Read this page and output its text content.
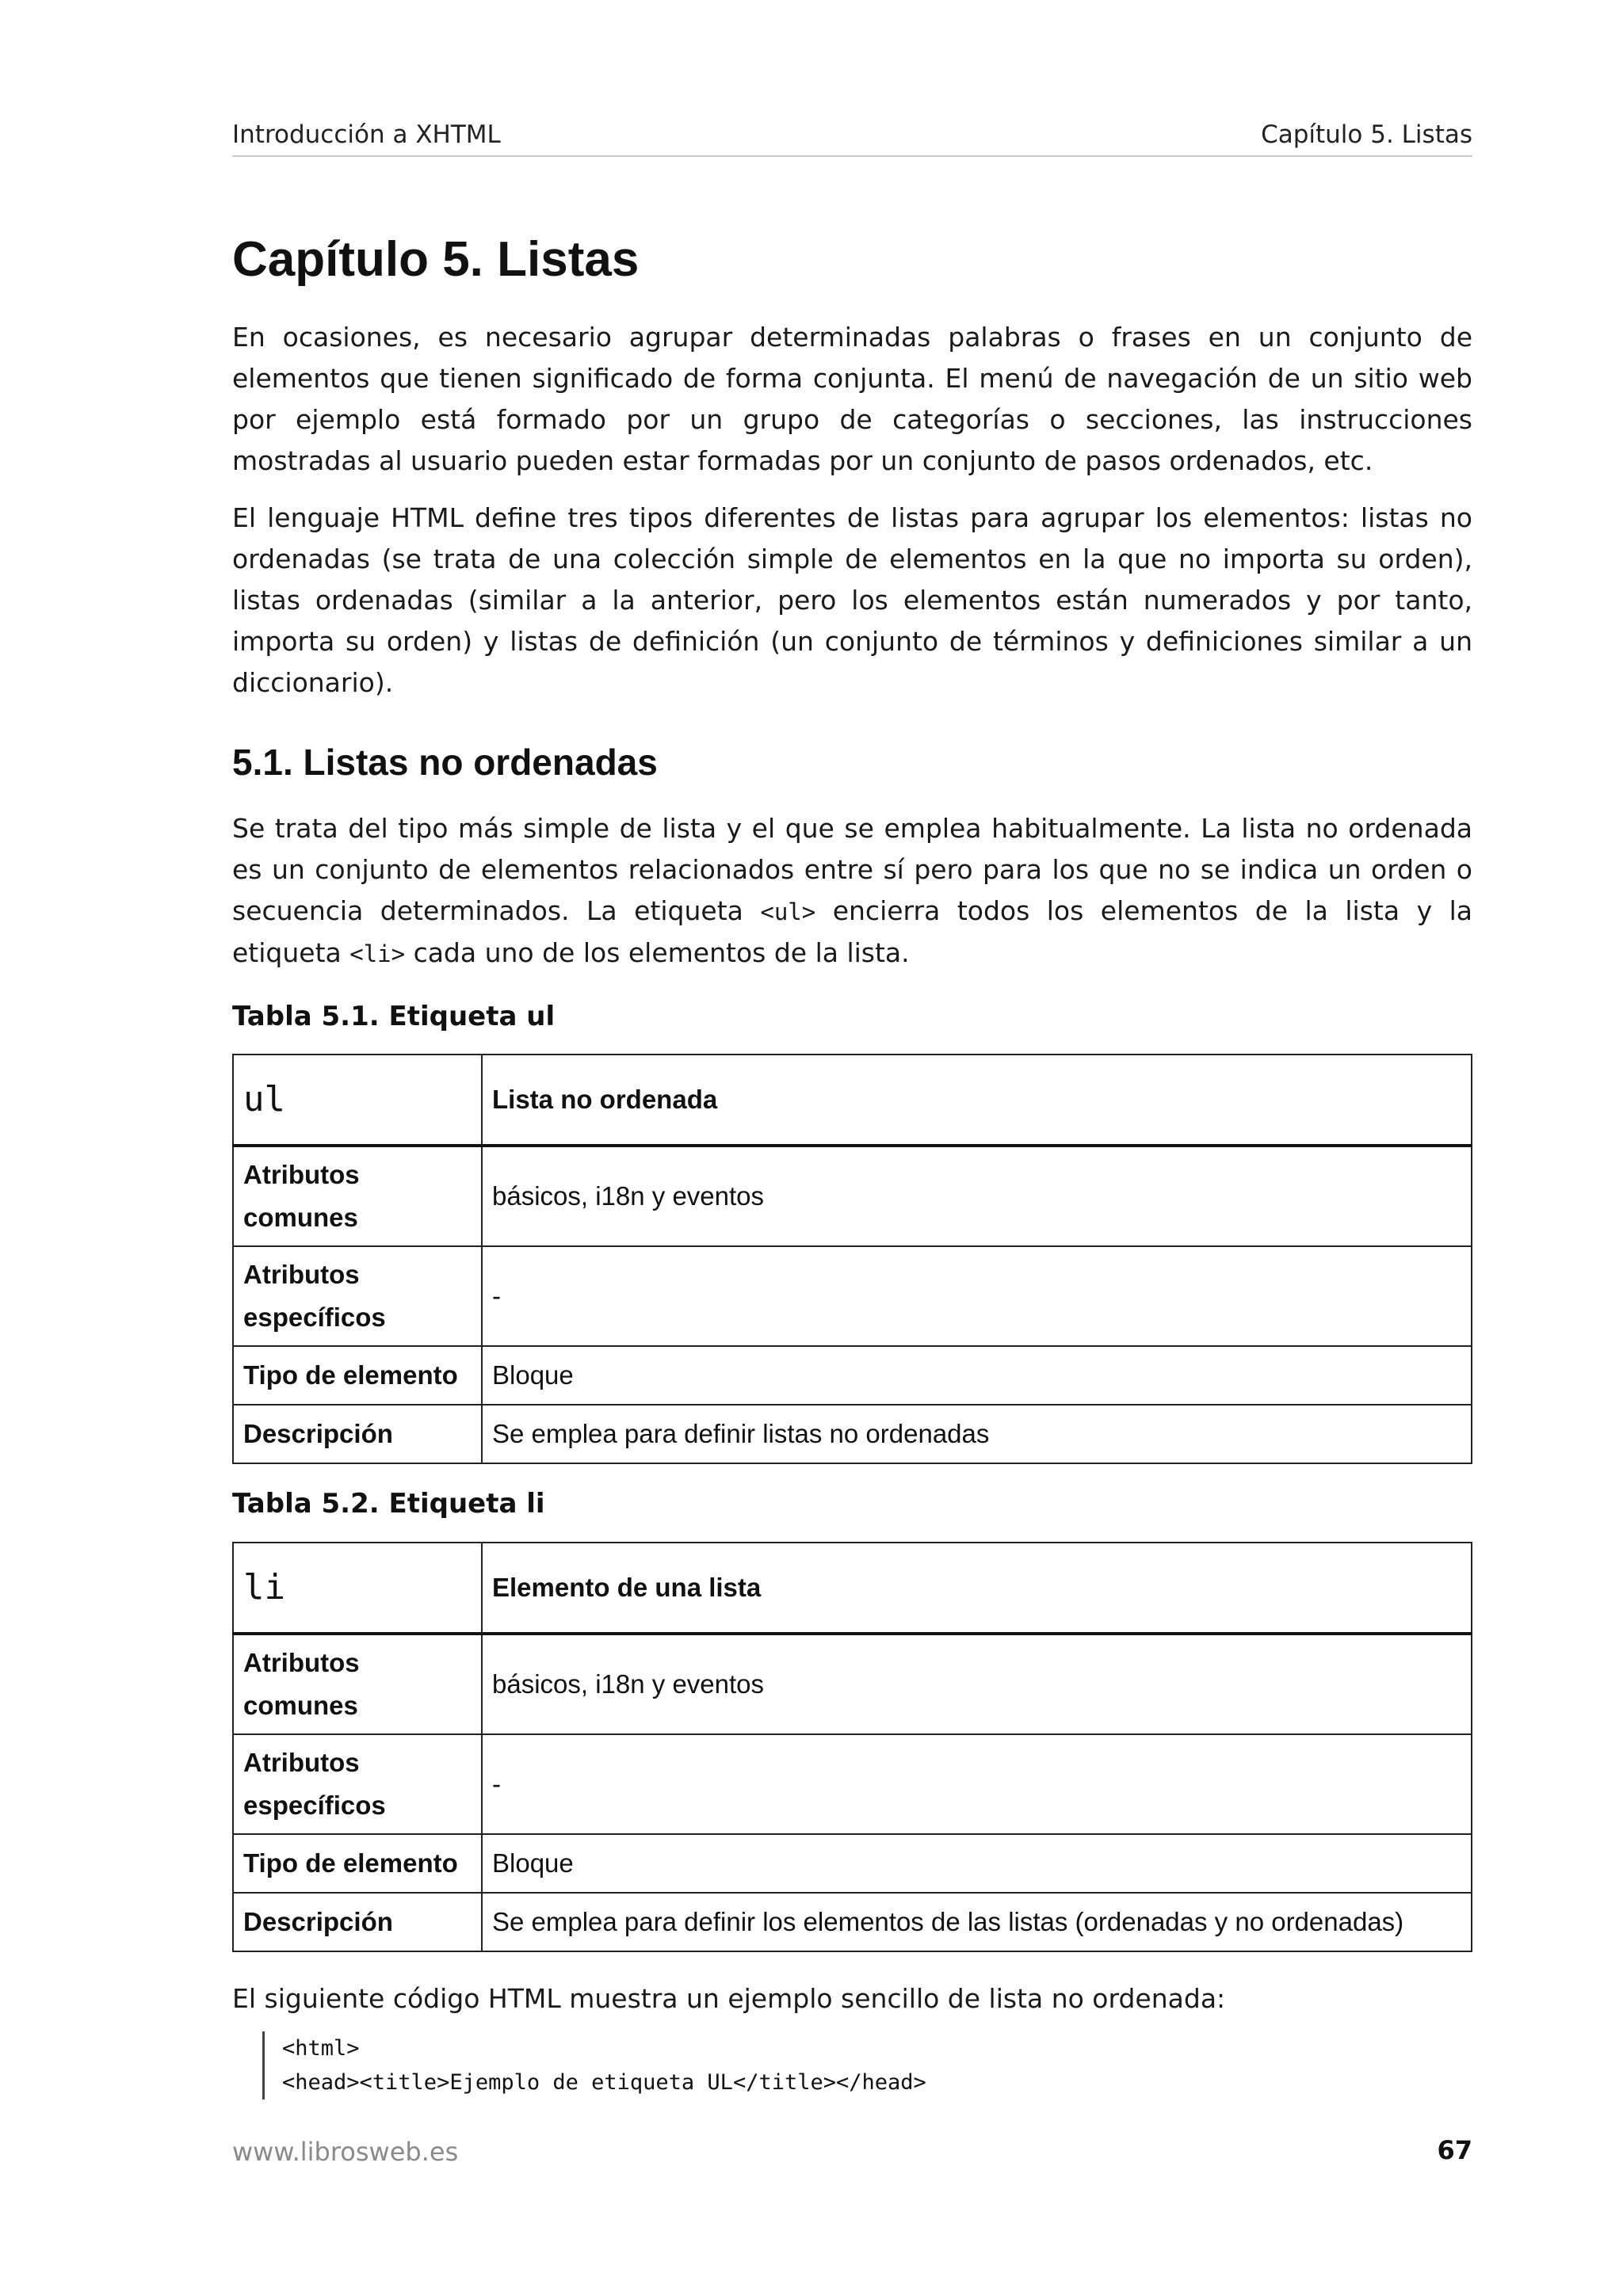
Introducción a XHTML	Capítulo 5. Listas
Capítulo 5. Listas

En ocasiones, es necesario agrupar determinadas palabras o frases en un conjunto de elementos que tienen significado de forma conjunta. El menú de navegación de un sitio web por ejemplo está formado por un grupo de categorías o secciones, las instrucciones mostradas al usuario pueden estar formadas por un conjunto de pasos ordenados, etc.

El lenguaje HTML define tres tipos diferentes de listas para agrupar los elementos: listas no ordenadas (se trata de una colección simple de elementos en la que no importa su orden), listas ordenadas (similar a la anterior, pero los elementos están numerados y por tanto, importa su orden) y listas de definición (un conjunto de términos y definiciones similar a un diccionario).

5.1. Listas no ordenadas

Se trata del tipo más simple de lista y el que se emplea habitualmente. La lista no ordenada es un conjunto de elementos relacionados entre sí pero para los que no se indica un orden o secuencia determinados. La etiqueta <ul> encierra todos los elementos de la lista y la etiqueta <li> cada uno de los elementos de la lista.

Tabla 5.1. Etiqueta ul

ul	Lista no ordenada
Atributos comunes	básicos, i18n y eventos
Atributos específicos	-
Tipo de elemento	Bloque
Descripción	Se emplea para definir listas no ordenadas

Tabla 5.2. Etiqueta li

li	Elemento de una lista
Atributos comunes	básicos, i18n y eventos
Atributos específicos	-
Tipo de elemento	Bloque
Descripción	Se emplea para definir los elementos de las listas (ordenadas y no ordenadas)

El siguiente código HTML muestra un ejemplo sencillo de lista no ordenada:

<html>
<head><title>Ejemplo de etiqueta UL</title></head>
www.librosweb.es	67
